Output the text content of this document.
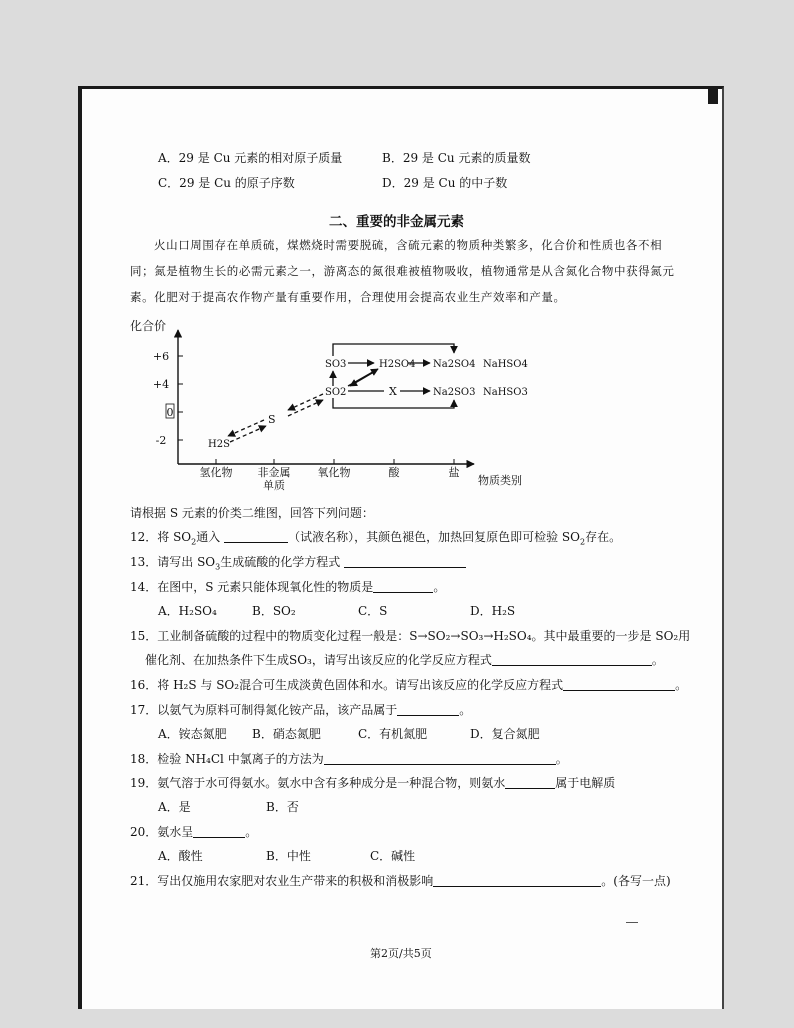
A．29 是 Cu 元素的相对原子质量	B．29 是 Cu 元素的质量数
C．29 是 Cu 的原子序数	D．29 是 Cu 的中子数
二、重要的非金属元素
火山口周围存在单质硫，煤燃烧时需要脱硫，含硫元素的物质种类繁多，化合价和性质也各不相同；氮是植物生长的必需元素之一，游离态的氮很难被植物吸收，植物通常是从含氮化合物中获得氮元素。化肥对于提高农作物产量有重要作用，合理使用会提高农业生产效率和产量。
化合价
+6
+4
0
-2
氢化物 非金属
单质
氧化物	酸	盐
物质类别
H2S
S
SO3
SO2
H2SO4
X
Na2SO4
Na2SO3
NaHSO4
NaHSO3
请根据 S 元素的价类二维图，回答下列问题：
12．将 $SO_2$通入	（试液名称），其颜色褪色，加热回复原色即可检验 $SO_2$存在。
13．请写出 $SO_3$生成硫酸的化学方程式
14．在图中，S 元素只能体现氧化性的物质是	。
A．H₂SO₄	B．SO₂	C．S	D．H₂S
15．工业制备硫酸的过程中的物质变化过程一般是：S→SO₂→SO₃→H₂SO₄。其中最重要的一步是 SO₂用
催化剂、在加热条件下生成SO₃，请写出该反应的化学反应方程式	。
16．将 H₂S 与 SO₂混合可生成淡黄色固体和水。请写出该反应的化学反应方程式	。
17．以氨气为原料可制得氮化铵产品，该产品属于	。
A．铵态氮肥 B．硝态氮肥	C．有机氮肥	D．复合氮肥
18．检验 NH₄Cl 中氯离子的方法为	。
19．氨气溶于水可得氨水。氨水中含有多种成分是一种混合物，则氨水	属于电解质
A．是	B．否
20．氨水呈	。
A．酸性	B．中性	C．碱性
21．写出仅施用农家肥对农业生产带来的积极和消极影响	。(各写一点)
第2页/共5页
